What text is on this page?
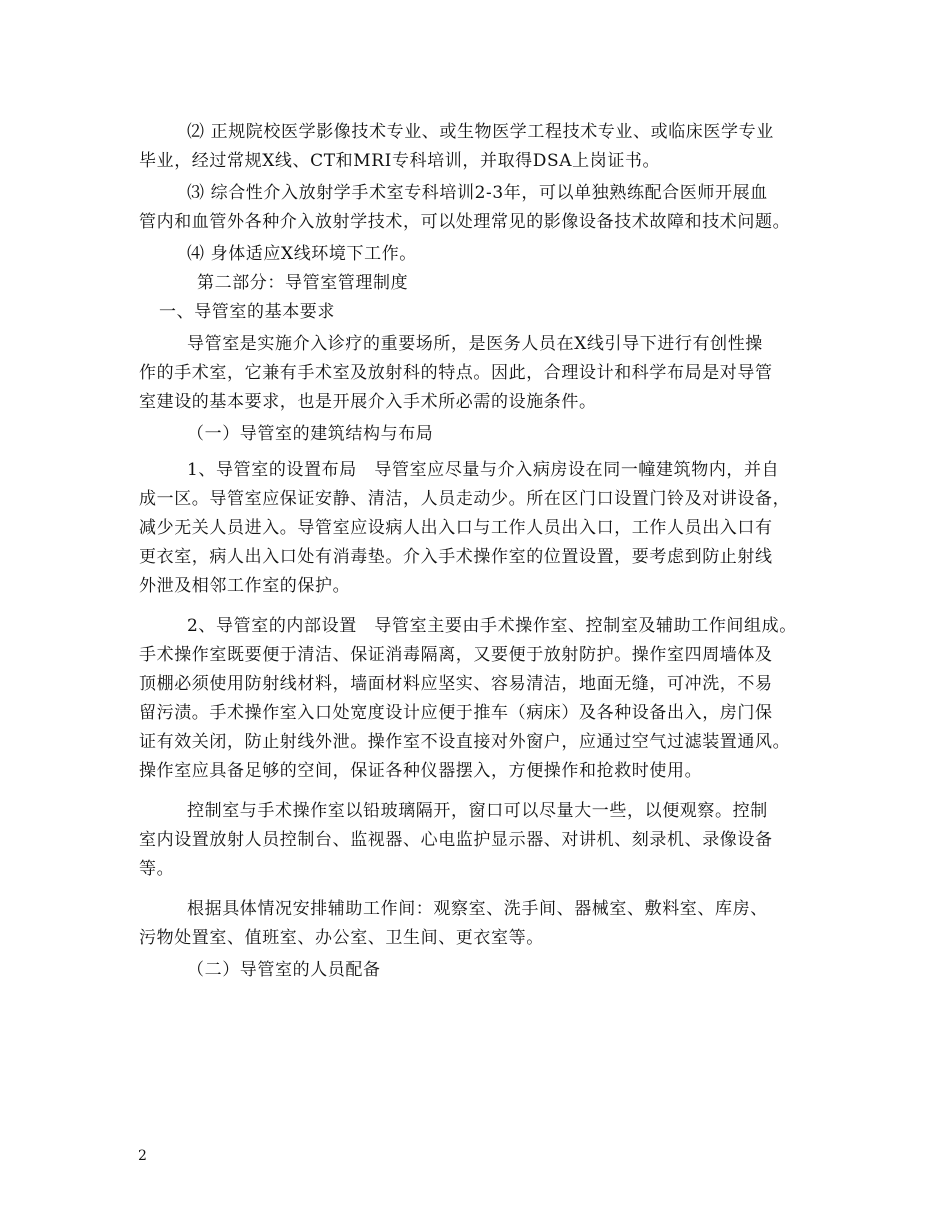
⑵ 正规院校医学影像技术专业、或生物医学工程技术专业、或临床医学专业
毕业，经过常规X线、CT和MRI专科培训，并取得DSA上岗证书。

⑶ 综合性介入放射学手术室专科培训2-3年，可以单独熟练配合医师开展血
管内和血管外各种介入放射学技术，可以处理常见的影像设备技术故障和技术问题。

⑷ 身体适应X线环境下工作。

第二部分：导管室管理制度

一、导管室的基本要求

导管室是实施介入诊疗的重要场所，是医务人员在X线引导下进行有创性操
作的手术室，它兼有手术室及放射科的特点。因此，合理设计和科学布局是对导管
室建设的基本要求，也是开展介入手术所必需的设施条件。

（一）导管室的建筑结构与布局

1、导管室的设置布局　导管室应尽量与介入病房设在同一幢建筑物内，并自
成一区。导管室应保证安静、清洁，人员走动少。所在区门口设置门铃及对讲设备，
减少无关人员进入。导管室应设病人出入口与工作人员出入口，工作人员出入口有
更衣室，病人出入口处有消毒垫。介入手术操作室的位置设置，要考虑到防止射线
外泄及相邻工作室的保护。

2、导管室的内部设置　导管室主要由手术操作室、控制室及辅助工作间组成。
手术操作室既要便于清洁、保证消毒隔离，又要便于放射防护。操作室四周墙体及
顶棚必须使用防射线材料，墙面材料应坚实、容易清洁，地面无缝，可冲洗，不易
留污渍。手术操作室入口处宽度设计应便于推车（病床）及各种设备出入，房门保
证有效关闭，防止射线外泄。操作室不设直接对外窗户，应通过空气过滤装置通风。
操作室应具备足够的空间，保证各种仪器摆入，方便操作和抢救时使用。

控制室与手术操作室以铅玻璃隔开，窗口可以尽量大一些，以便观察。控制
室内设置放射人员控制台、监视器、心电监护显示器、对讲机、刻录机、录像设备
等。

根据具体情况安排辅助工作间：观察室、洗手间、器械室、敷料室、库房、
污物处置室、值班室、办公室、卫生间、更衣室等。

（二）导管室的人员配备

2
